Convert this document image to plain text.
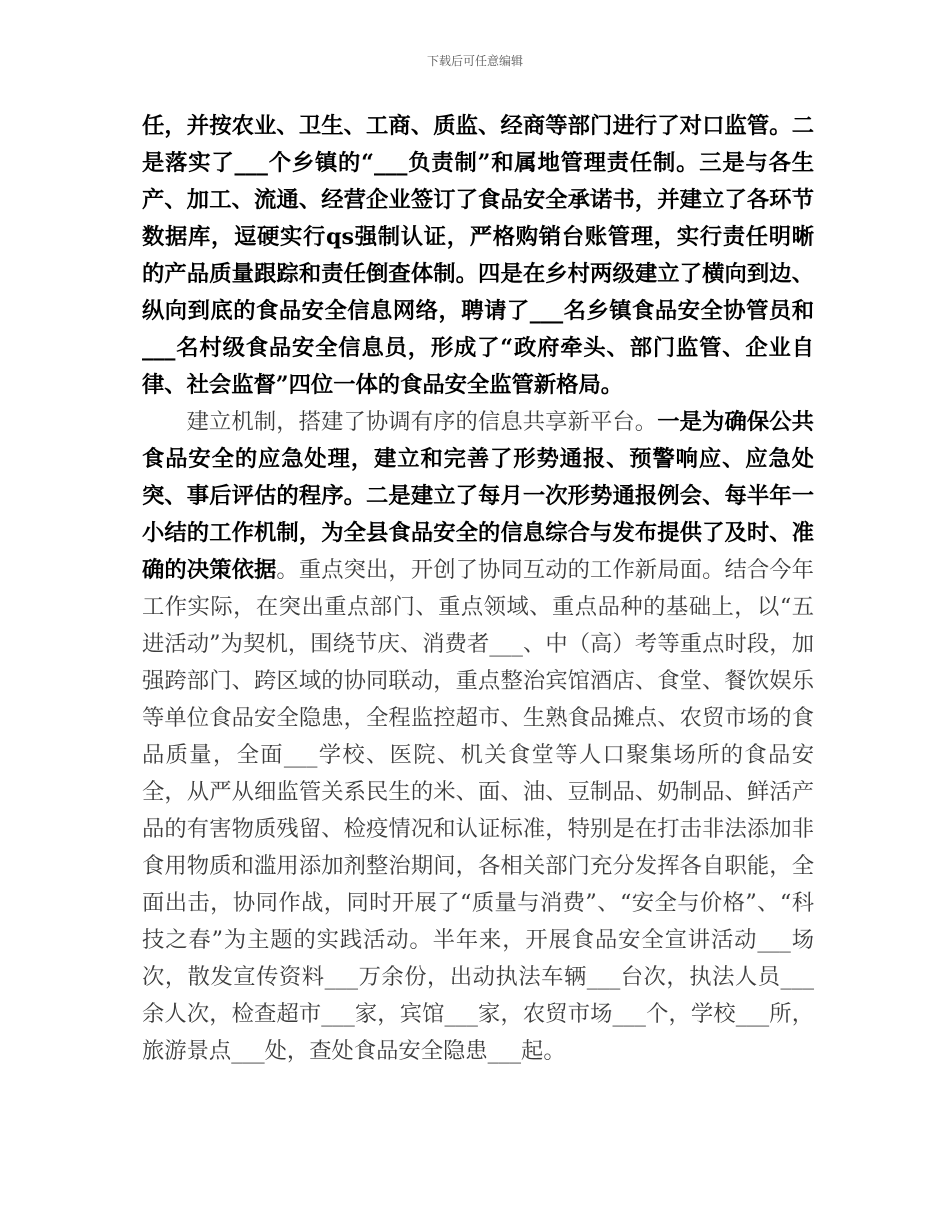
下载后可任意编辑

任，并按农业、卫生、工商、质监、经商等部门进行了对口监管。二是落实了___个乡镇的“___负责制”和属地管理责任制。三是与各生产、加工、流通、经营企业签订了食品安全承诺书，并建立了各环节数据库，逗硬实行qs强制认证，严格购销台账管理，实行责任明晰的产品质量跟踪和责任倒查体制。四是在乡村两级建立了横向到边、纵向到底的食品安全信息网络，聘请了___名乡镇食品安全协管员和___名村级食品安全信息员，形成了“政府牵头、部门监管、企业自律、社会监督”四位一体的食品安全监管新格局。

建立机制，搭建了协调有序的信息共享新平台。一是为确保公共食品安全的应急处理，建立和完善了形势通报、预警响应、应急处突、事后评估的程序。二是建立了每月一次形势通报例会、每半年一小结的工作机制，为全县食品安全的信息综合与发布提供了及时、准确的决策依据。重点突出，开创了协同互动的工作新局面。结合今年工作实际，在突出重点部门、重点领域、重点品种的基础上，以“五进活动”为契机，围绕节庆、消费者___、中（高）考等重点时段，加强跨部门、跨区域的协同联动，重点整治宾馆酒店、食堂、餐饮娱乐等单位食品安全隐患，全程监控超市、生熟食品摊点、农贸市场的食品质量，全面___学校、医院、机关食堂等人口聚集场所的食品安全，从严从细监管关系民生的米、面、油、豆制品、奶制品、鲜活产品的有害物质残留、检疫情况和认证标准，特别是在打击非法添加非食用物质和滥用添加剂整治期间，各相关部门充分发挥各自职能，全面出击，协同作战，同时开展了“质量与消费”、“安全与价格”、“科技之春”为主题的实践活动。半年来，开展食品安全宣讲活动___场次，散发宣传资料___万余份，出动执法车辆___台次，执法人员___余人次，检查超市___家，宾馆___家，农贸市场___个，学校___所，旅游景点___处，查处食品安全隐患___起。
